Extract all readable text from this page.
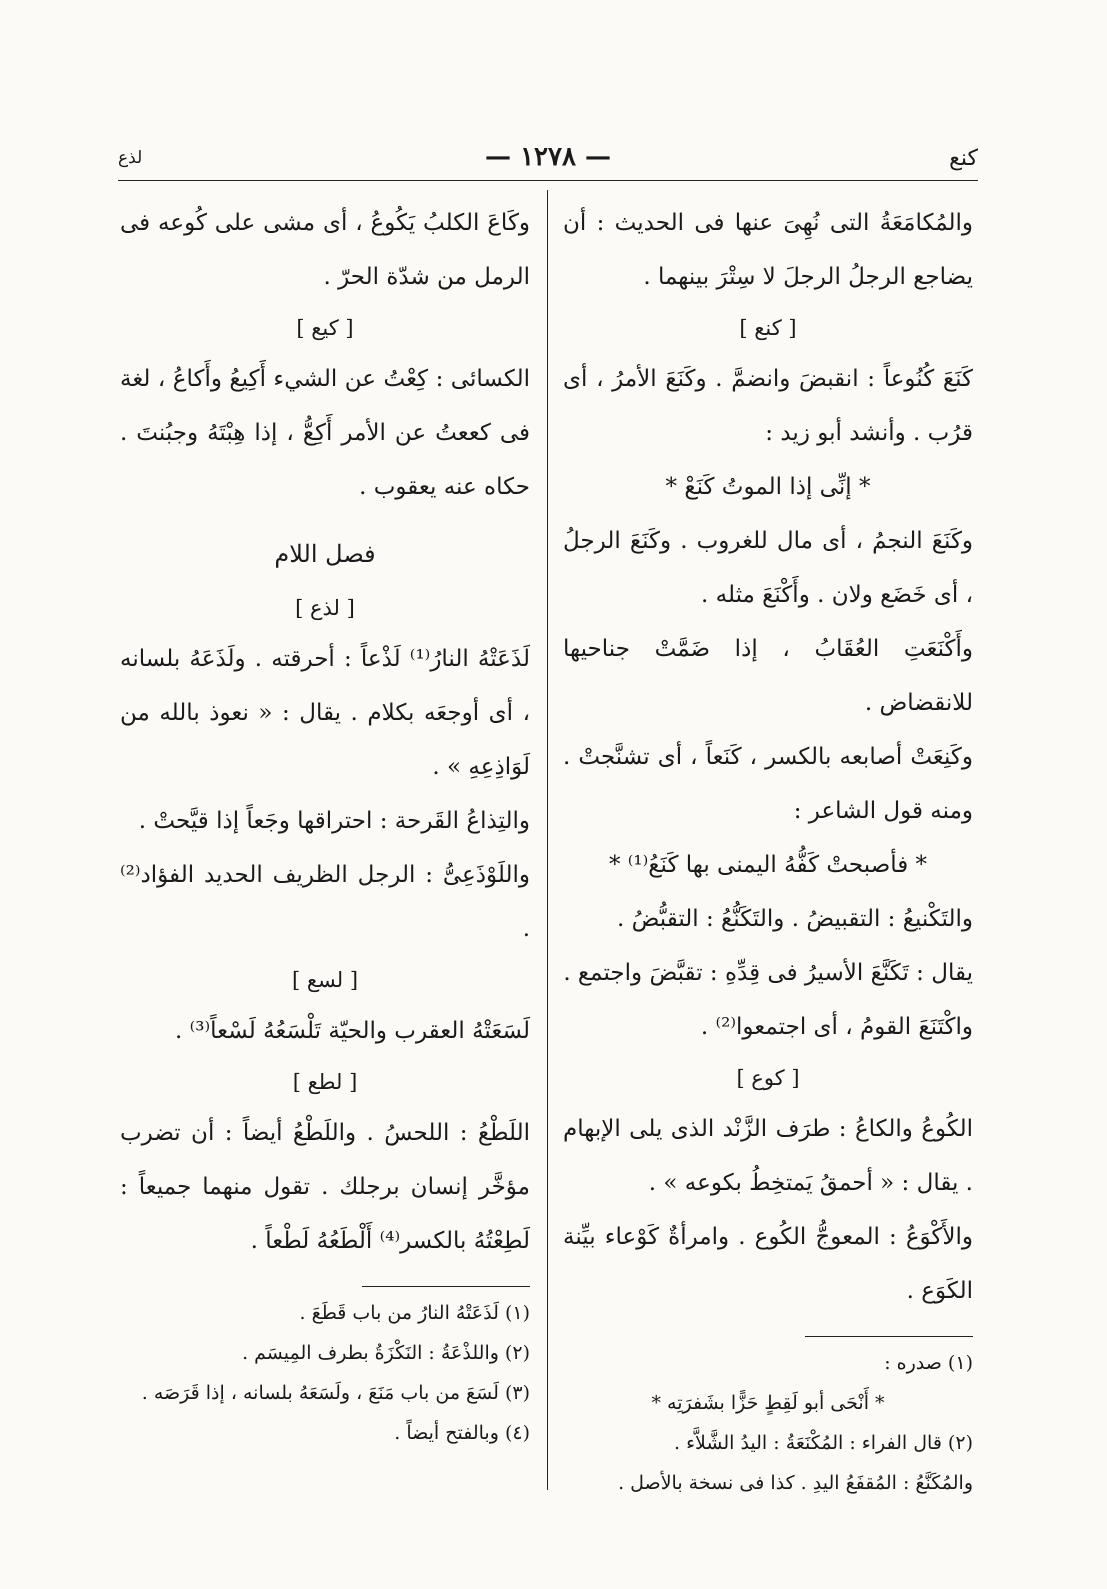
كنع
— ١٢٧٨ —
لذع

والمُكامَعَةُ التى نُهِىَ عنها فى الحديث : أن يضاجع الرجلُ الرجلَ لا سِتْرَ بينهما .

[ كنع ]

كَنَعَ كُنُوعاً : انقبضَ وانضمَّ . وكَنَعَ الأمرُ ، أى قرُب . وأنشد أبو زيد :

* إنِّى إذا الموتُ كَنَعْ *

وكَنَعَ النجمُ ، أى مال للغروب . وكَنَعَ الرجلُ ، أى خَضَع ولان . وأَكْنَعَ مثله .

وأَكْنَعَتِ العُقَابُ ، إذا ضَمَّتْ جناحيها للانقضاض .

وكَنِعَتْ أصابعه بالكسر ، كَنَعاً ، أى تشنَّجتْ . ومنه قول الشاعر :

* فأصبحتْ كَفُّهُ اليمنى بها كَنَعُ⁽¹⁾ *

والتَكْنيعُ : التقبيضُ . والتَكَنُّعُ : التقبُّضُ .

يقال : تَكَنَّعَ الأسيرُ فى قِدِّهِ : تقبَّضَ واجتمع .

واكْتَنَعَ القومُ ، أى اجتمعوا⁽²⁾ .

[ كوع ]

الكُوعُ والكاعُ : طرَف الزَّنْد الذى يلى الإبهام . يقال : « أحمقُ يَمتخِطُ بكوعه » .

والأَكْوَعُ : المعوجُّ الكُوع . وامرأةٌ كَوْعاء بيِّنة الكَوَع .

(١) صدره :

* أَنْحَى أبو لَقِطٍ حَزًّا بشَفرَتِه *

(٢) قال الفراء : المُكْنَعَةُ : اليدُ الشَّلاَّء .

والمُكَنَّعُ : المُقفَعُ اليدِ . كذا فى نسخة بالأصل .

وكَاعَ الكلبُ يَكُوعُ ، أى مشى على كُوعه فى الرمل من شدّة الحرّ .

[ كيع ]

الكسائى : كِعْتُ عن الشيء أَكِيعُ وأَكاعُ ، لغة فى كععتُ عن الأمر أَكِعُّ ، إذا هِبْتَهُ وجبُنتَ . حكاه عنه يعقوب .

فصل اللام

[ لذع ]

لَذَعَتْهُ النارُ⁽¹⁾ لَذْعاً : أحرقته . ولَذَعَهُ بلسانه ، أى أوجعَه بكلام . يقال : « نعوذ بالله من لَوَاذِعِهِ » .

والتِذاعُ القَرحة : احتراقها وجَعاً إذا قيَّحتْ .

واللَوْذَعِىُّ : الرجل الظريف الحديد الفؤاد⁽²⁾ .

[ لسع ]

لَسَعَتْهُ العقرب والحيّة تَلْسَعُهُ لَسْعاً⁽³⁾ .

[ لطع ]

اللَطْعُ : اللحسُ . واللَطْعُ أيضاً : أن تضرب مؤخَّر إنسان برجلك . تقول منهما جميعاً : لَطِعْتُهُ بالكسر⁽⁴⁾ أَلْطَعُهُ لَطْعاً .

(١) لَذَعَتْهُ النارُ من باب قَطَعَ .

(٢) واللذْعَةُ : النَكْزَةُ بطرف المِيسَم .

(٣) لَسَعَ من باب مَنَعَ ، ولَسَعَهُ بلسانه ، إذا قَرَصَه .

(٤) وبالفتح أيضاً .
